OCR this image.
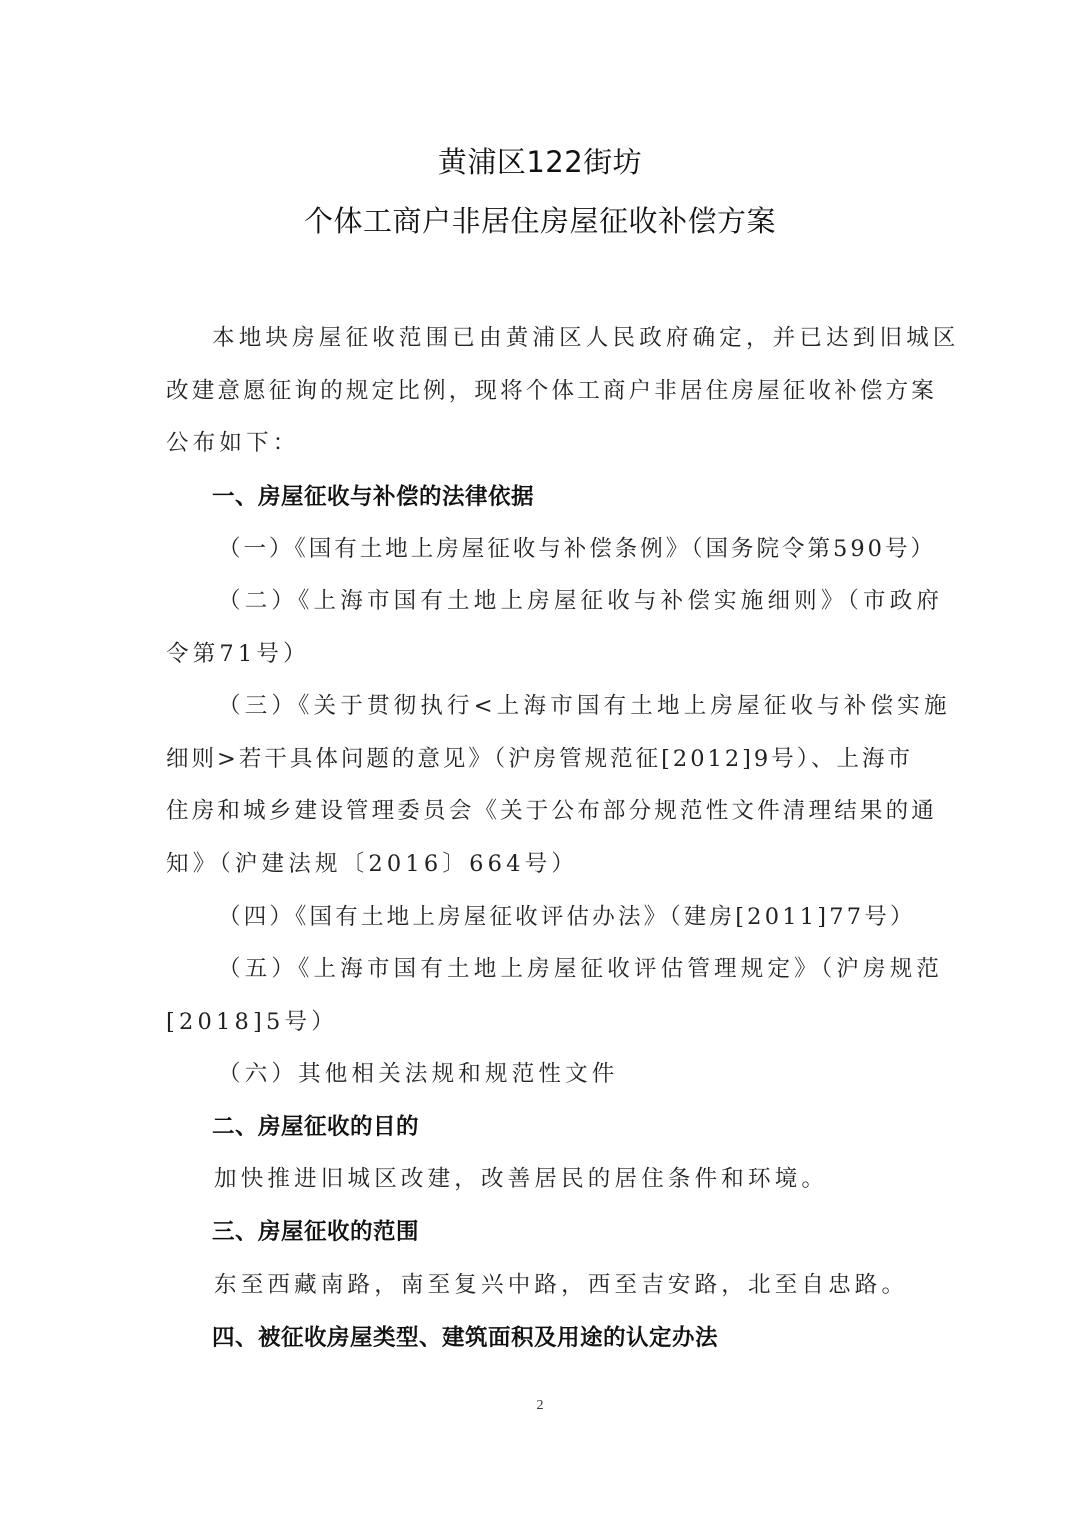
黄浦区122街坊
个体工商户非居住房屋征收补偿方案
本地块房屋征收范围已由黄浦区人民政府确定，并已达到旧城区
改建意愿征询的规定比例，现将个体工商户非居住房屋征收补偿方案
公布如下：
一、房屋征收与补偿的法律依据
（一）《国有土地上房屋征收与补偿条例》（国务院令第590号）
（二）《上海市国有土地上房屋征收与补偿实施细则》（市政府
令第71号）
（三）《关于贯彻执行<上海市国有土地上房屋征收与补偿实施
细则>若干具体问题的意见》（沪房管规范征[2012]9号）、上海市
住房和城乡建设管理委员会《关于公布部分规范性文件清理结果的通
知》（沪建法规〔2016〕664号）
（四）《国有土地上房屋征收评估办法》（建房[2011]77号）
（五）《上海市国有土地上房屋征收评估管理规定》（沪房规范
[2018]5号）
（六）其他相关法规和规范性文件
二、房屋征收的目的
加快推进旧城区改建，改善居民的居住条件和环境。
三、房屋征收的范围
东至西藏南路，南至复兴中路，西至吉安路，北至自忠路。
四、被征收房屋类型、建筑面积及用途的认定办法
2
